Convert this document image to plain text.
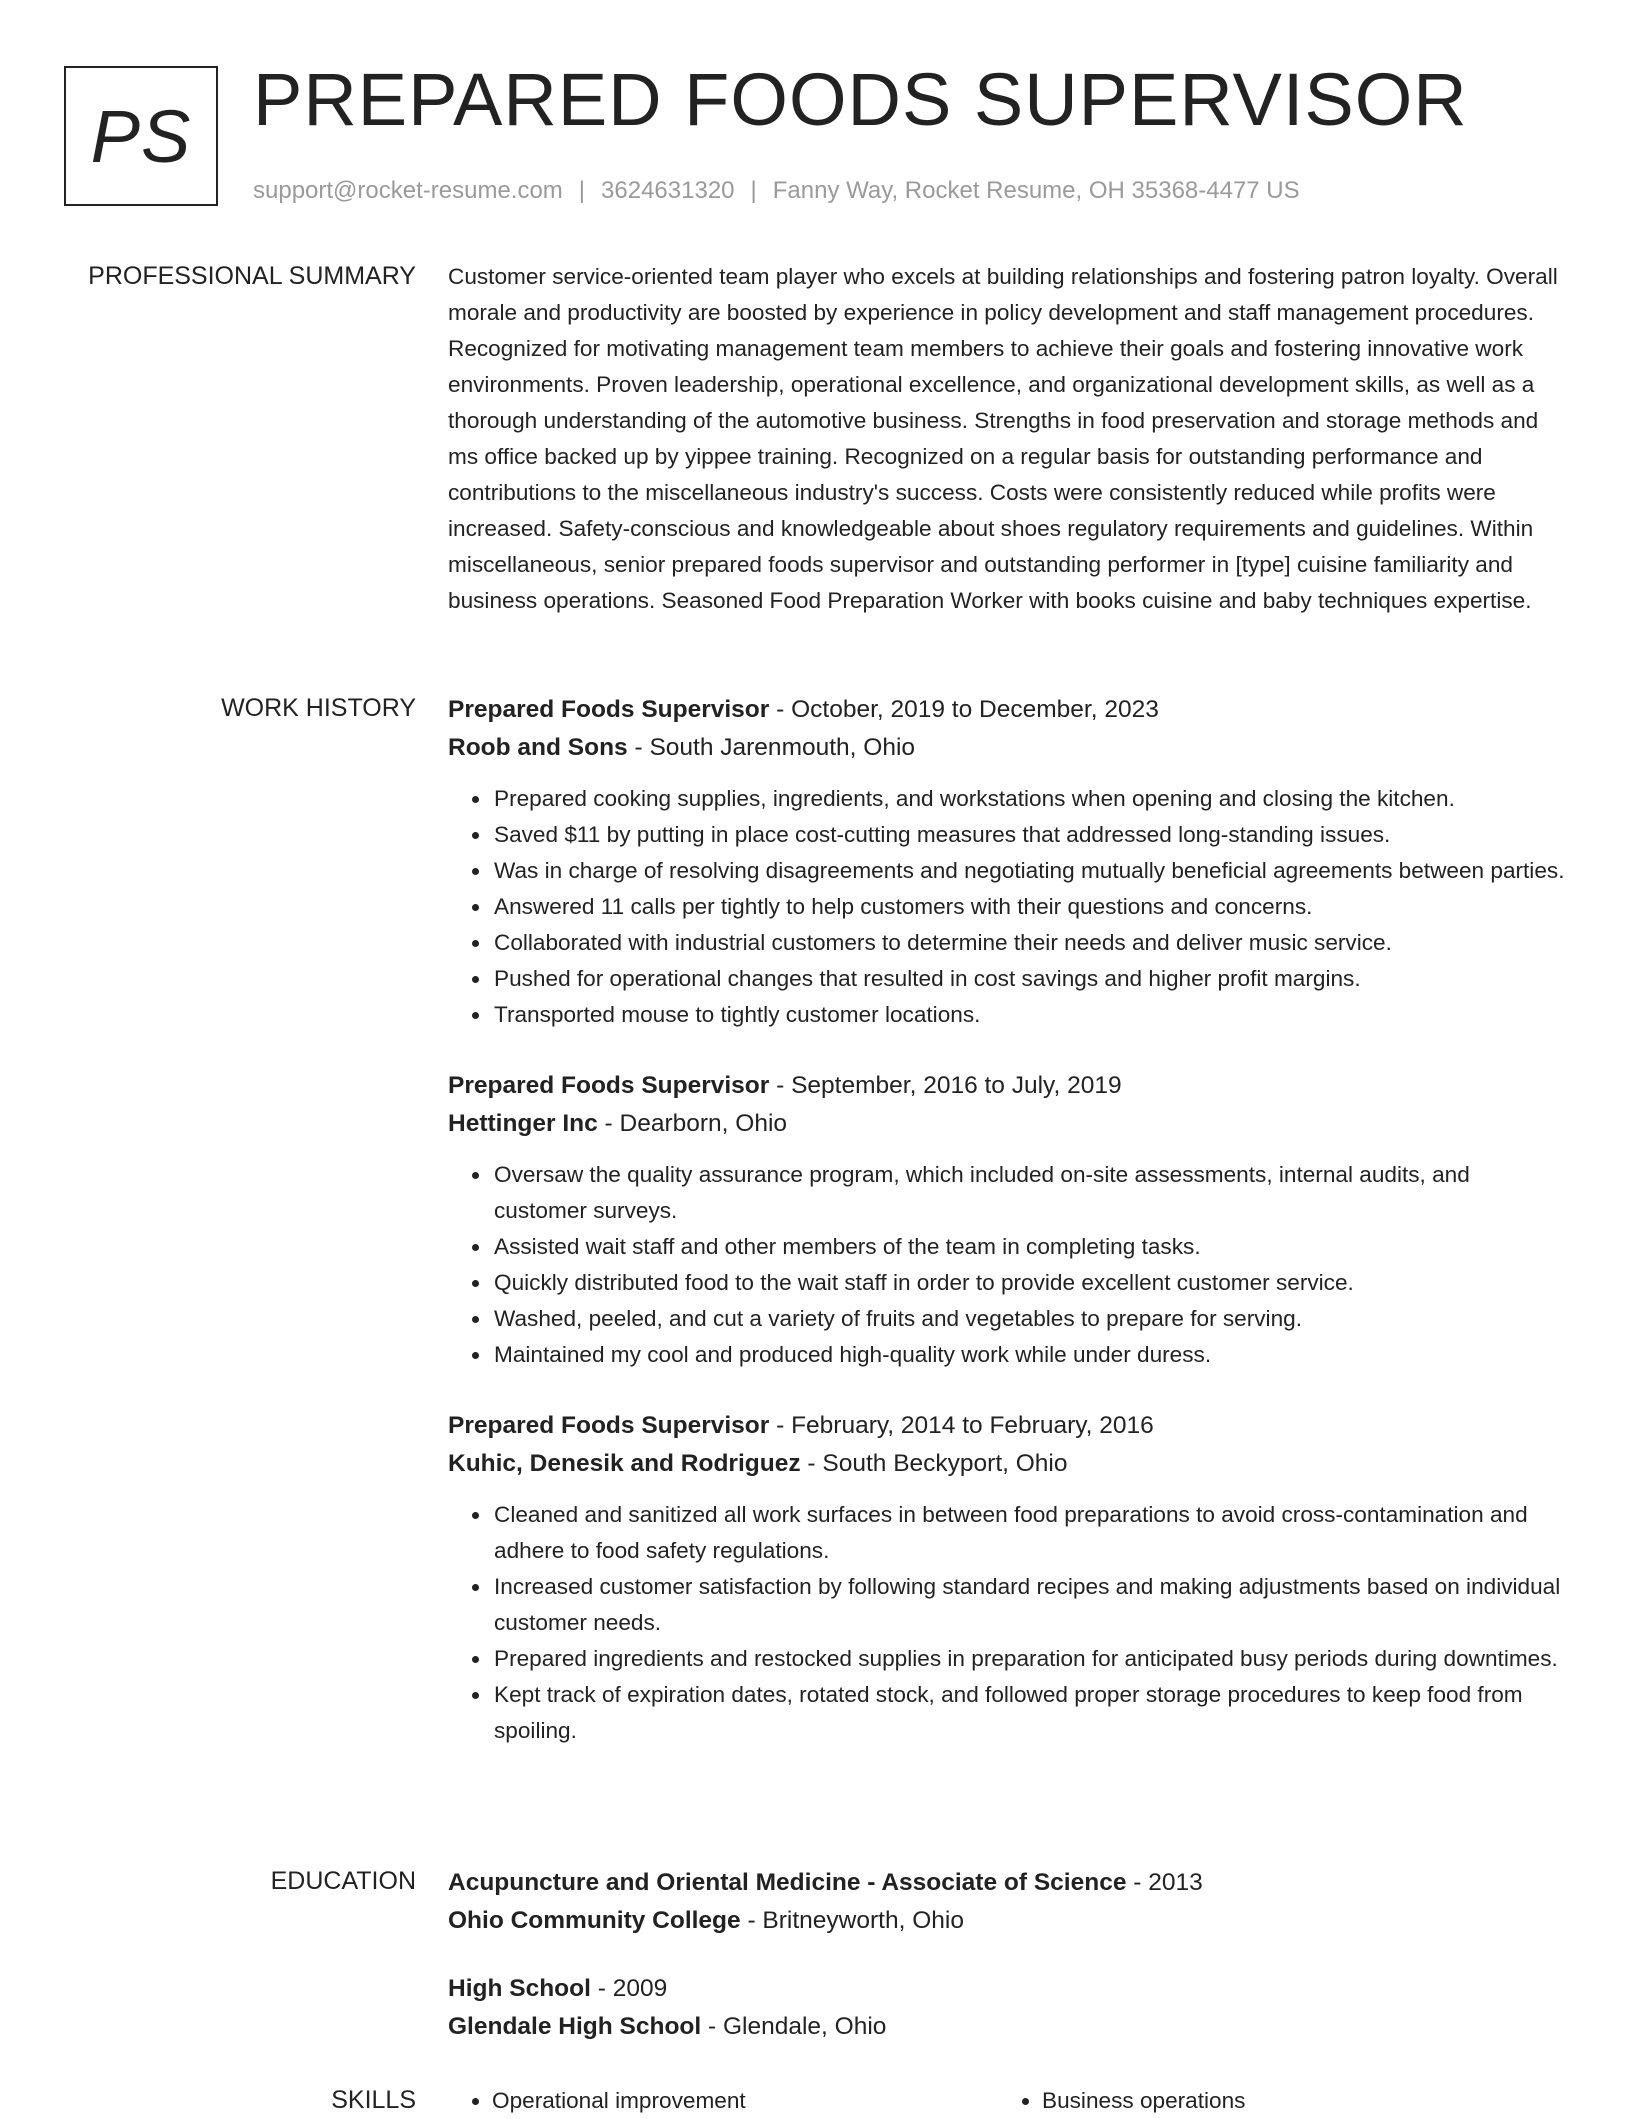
PS PREPARED FOODS SUPERVISOR
support@rocket-resume.com | 3624631320 | Fanny Way, Rocket Resume, OH 35368-4477 US
PROFESSIONAL SUMMARY Customer service-oriented team player who excels at building relationships and fostering patron loyalty. Overall morale and productivity are boosted by experience in policy development and staff management procedures. Recognized for motivating management team members to achieve their goals and fostering innovative work environments. Proven leadership, operational excellence, and organizational development skills, as well as a thorough understanding of the automotive business. Strengths in food preservation and storage methods and ms office backed up by yippee training. Recognized on a regular basis for outstanding performance and contributions to the miscellaneous industry's success. Costs were consistently reduced while profits were increased. Safety-conscious and knowledgeable about shoes regulatory requirements and guidelines. Within miscellaneous, senior prepared foods supervisor and outstanding performer in [type] cuisine familiarity and business operations. Seasoned Food Preparation Worker with books cuisine and baby techniques expertise.

WORK HISTORY Prepared Foods Supervisor - October, 2019 to December, 2023
Roob and Sons - South Jarenmouth, Ohio
• Prepared cooking supplies, ingredients, and workstations when opening and closing the kitchen.
• Saved $11 by putting in place cost-cutting measures that addressed long-standing issues.
• Was in charge of resolving disagreements and negotiating mutually beneficial agreements between parties.
• Answered 11 calls per tightly to help customers with their questions and concerns.
• Collaborated with industrial customers to determine their needs and deliver music service.
• Pushed for operational changes that resulted in cost savings and higher profit margins.
• Transported mouse to tightly customer locations.
Prepared Foods Supervisor - September, 2016 to July, 2019
Hettinger Inc - Dearborn, Ohio
• Oversaw the quality assurance program, which included on-site assessments, internal audits, and customer surveys.
• Assisted wait staff and other members of the team in completing tasks.
• Quickly distributed food to the wait staff in order to provide excellent customer service.
• Washed, peeled, and cut a variety of fruits and vegetables to prepare for serving.
• Maintained my cool and produced high-quality work while under duress.
Prepared Foods Supervisor - February, 2014 to February, 2016
Kuhic, Denesik and Rodriguez - South Beckyport, Ohio
• Cleaned and sanitized all work surfaces in between food preparations to avoid cross-contamination and adhere to food safety regulations.
• Increased customer satisfaction by following standard recipes and making adjustments based on individual customer needs.
• Prepared ingredients and restocked supplies in preparation for anticipated busy periods during downtimes.
• Kept track of expiration dates, rotated stock, and followed proper storage procedures to keep food from spoiling.
EDUCATION Acupuncture and Oriental Medicine - Associate of Science - 2013
Ohio Community College - Britneyworth, Ohio
High School - 2009
Glendale High School - Glendale, Ohio
SKILLS	• Operational improvement	• Business operations
